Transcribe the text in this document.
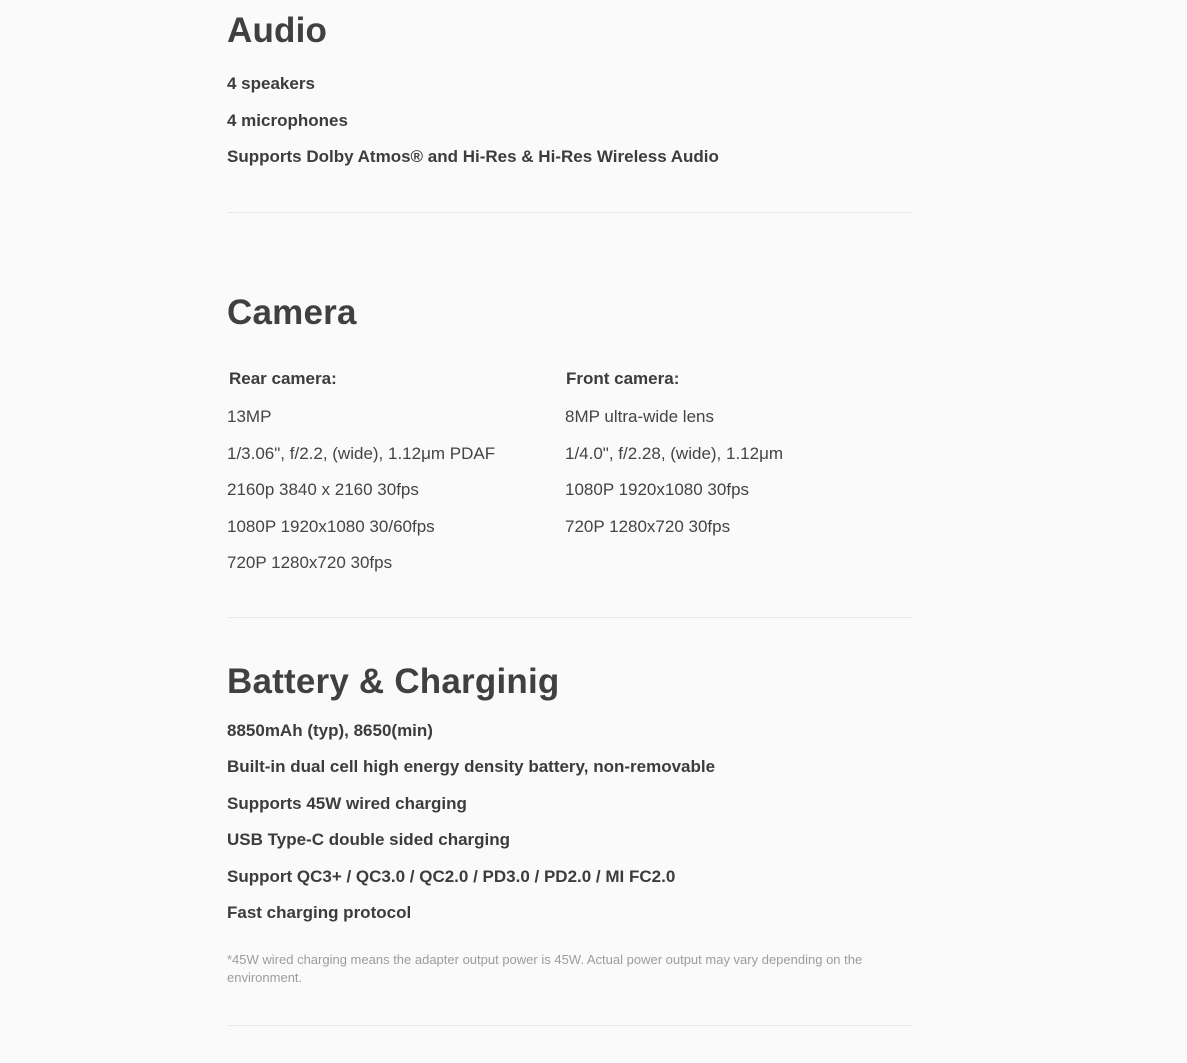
Audio

4 speakers

4 microphones

Supports Dolby Atmos® and Hi-Res & Hi-Res Wireless Audio

Camera
Rear camera:

13MP

1/3.06", f/2.2, (wide), 1.12μm PDAF

2160p 3840 x 2160 30fps

1080P 1920x1080 30/60fps

720P 1280x720 30fps

Front camera:

8MP ultra-wide lens

1/4.0", f/2.28, (wide), 1.12μm

1080P 1920x1080 30fps

720P 1280x720 30fps

Battery & Charginig

8850mAh (typ), 8650(min)

Built-in dual cell high energy density battery, non-removable

Supports 45W wired charging

USB Type-C double sided charging

Support QC3+ / QC3.0 / QC2.0 / PD3.0 / PD2.0 / MI FC2.0

Fast charging protocol

*45W wired charging means the adapter output power is 45W. Actual power output may vary depending on the environment.
